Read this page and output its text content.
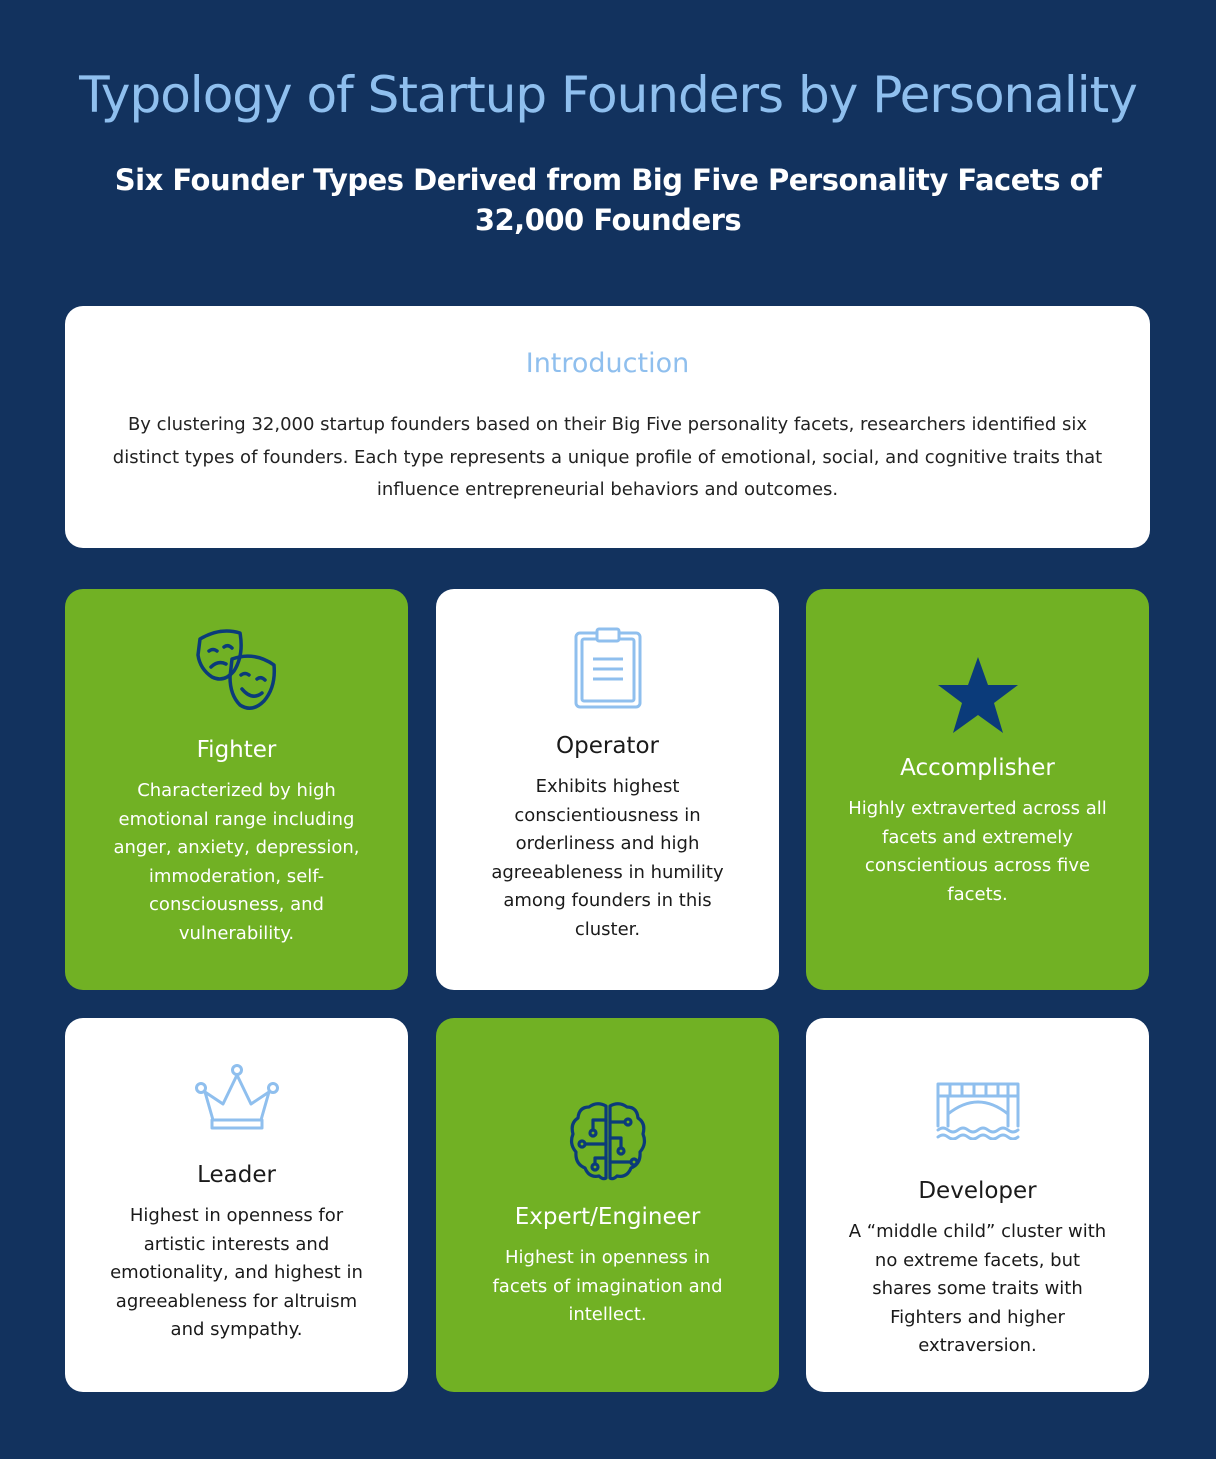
Typology of Startup Founders by Personality
Six Founder Types Derived from Big Five Personality Facets of 32,000 Founders
Introduction

By clustering 32,000 startup founders based on their Big Five personality facets, researchers identified six distinct types of founders. Each type represents a unique profile of emotional, social, and cognitive traits that influence entrepreneurial behaviors and outcomes.

Fighter

Characterized by high emotional range including anger, anxiety, depression, immoderation, self-consciousness, and vulnerability.

Operator

Exhibits highest conscientiousness in orderliness and high agreeableness in humility among founders in this cluster.

Accomplisher

Highly extraverted across all facets and extremely conscientious across five facets.

Leader

Highest in openness for artistic interests and emotionality, and highest in agreeableness for altruism and sympathy.

Expert/Engineer

Highest in openness in facets of imagination and intellect.

Developer

A “middle child” cluster with no extreme facets, but shares some traits with Fighters and higher extraversion.
